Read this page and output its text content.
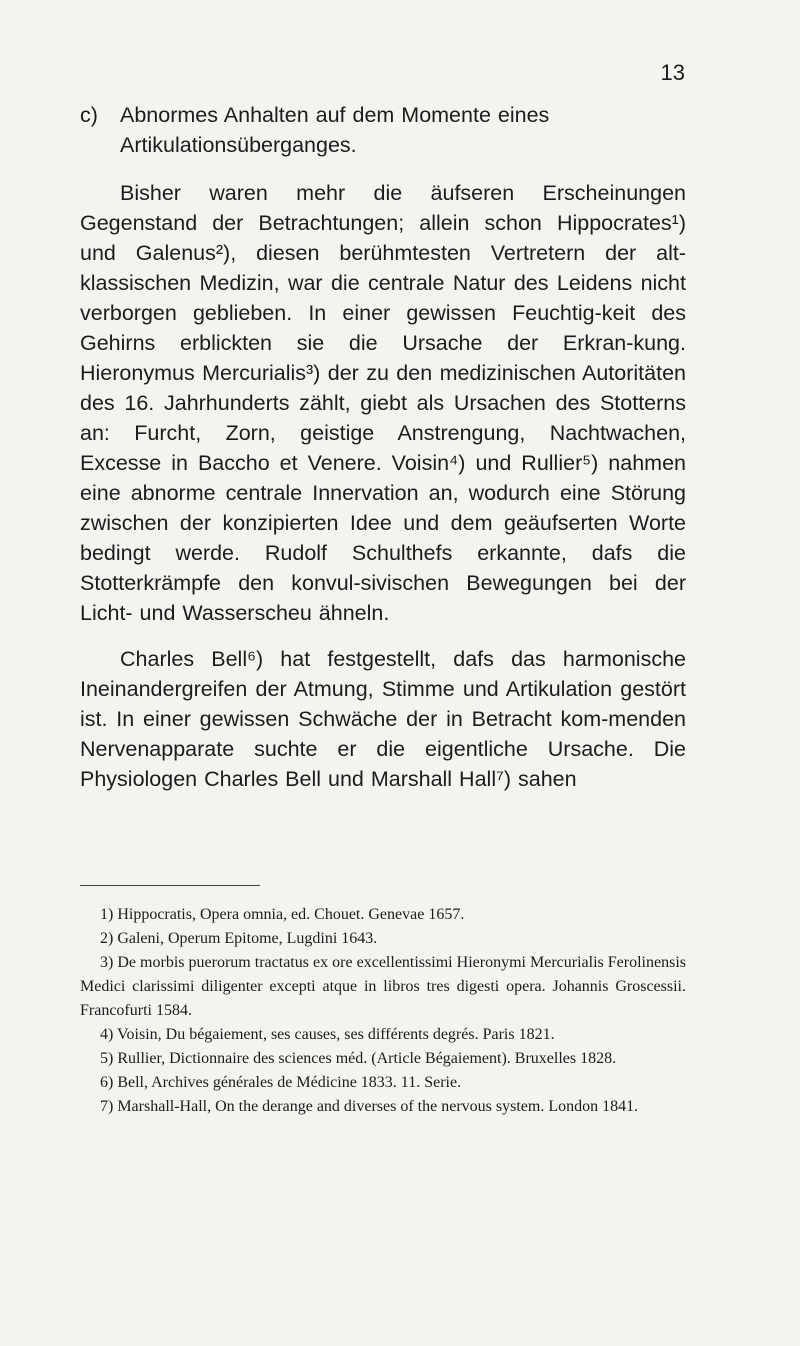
13
c)	Abnormes Anhalten auf dem Momente eines Artikulationsüberganges.

Bisher waren mehr die äufseren Erscheinungen Gegenstand der Betrachtungen; allein schon Hippocrates¹) und Galenus²), diesen berühmtesten Vertretern der alt-klassischen Medizin, war die centrale Natur des Leidens nicht verborgen geblieben. In einer gewissen Feuchtig-keit des Gehirns erblickten sie die Ursache der Erkran-kung. Hieronymus Mercurialis³) der zu den medizinischen Autoritäten des 16. Jahrhunderts zählt, giebt als Ursachen des Stotterns an: Furcht, Zorn, geistige Anstrengung, Nachtwachen, Excesse in Baccho et Venere. Voisin⁴) und Rullier⁵) nahmen eine abnorme centrale Innervation an, wodurch eine Störung zwischen der konzipierten Idee und dem geäufserten Worte bedingt werde. Rudolf Schulthefs erkannte, dafs die Stotterkrämpfe den konvul-sivischen Bewegungen bei der Licht- und Wasserscheu ähneln.

Charles Bell⁶) hat festgestellt, dafs das harmonische Ineinandergreifen der Atmung, Stimme und Artikulation gestört ist. In einer gewissen Schwäche der in Betracht kom-menden Nervenapparate suchte er die eigentliche Ursache. Die Physiologen Charles Bell und Marshall Hall⁷) sahen

1) Hippocratis, Opera omnia, ed. Chouet. Genevae 1657.

2) Galeni, Operum Epitome, Lugdini 1643.

3) De morbis puerorum tractatus ex ore excellentissimi Hieronymi Mercurialis Ferolinensis Medici clarissimi diligenter excepti atque in libros tres digesti opera. Johannis Groscessii. Francofurti 1584.

4) Voisin, Du bégaiement, ses causes, ses différents degrés. Paris 1821.

5) Rullier, Dictionnaire des sciences méd. (Article Bégaiement). Bruxelles 1828.

6) Bell, Archives générales de Médicine 1833. 11. Serie.

7) Marshall-Hall, On the derange and diverses of the nervous system. London 1841.
